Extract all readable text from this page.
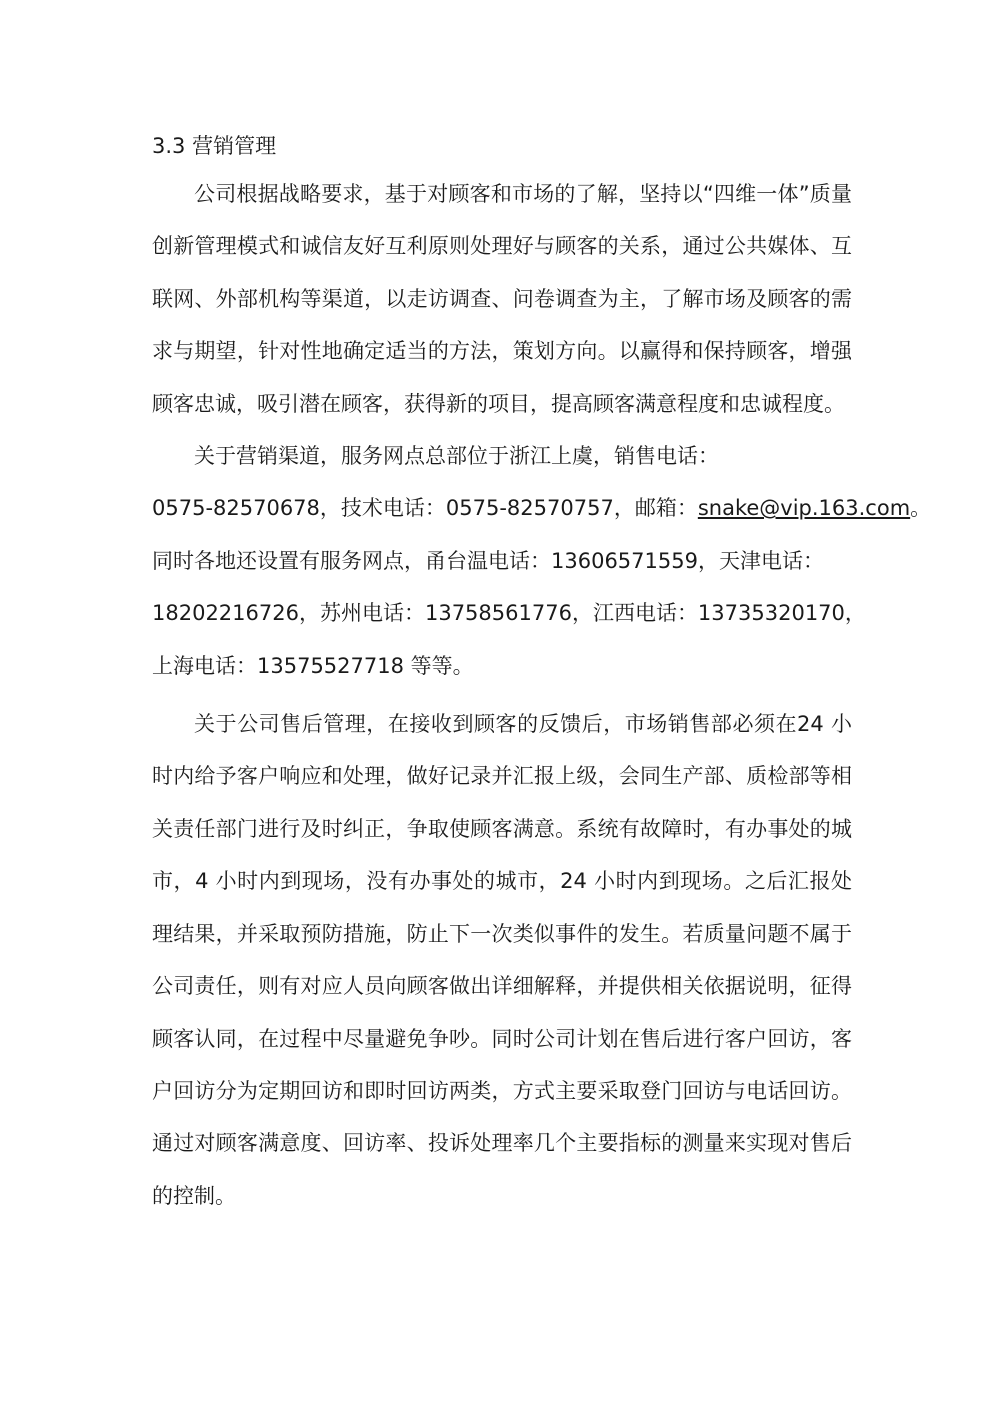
3.3 营销管理

公司根据战略要求，基于对顾客和市场的了解，坚持以“四维一体”质量创新管理模式和诚信友好互利原则处理好与顾客的关系，通过公共媒体、互联网、外部机构等渠道，以走访调查、问卷调查为主，了解市场及顾客的需求与期望，针对性地确定适当的方法，策划方向。以赢得和保持顾客，增强顾客忠诚，吸引潜在顾客，获得新的项目，提高顾客满意程度和忠诚程度。

关于营销渠道，服务网点总部位于浙江上虞，销售电话：
0575-82570678，技术电话：0575-82570757，邮箱：snake@vip.163.com。
同时各地还设置有服务网点，甬台温电话：13606571559，天津电话：
18202216726，苏州电话：13758561776，江西电话：13735320170，
上海电话：13575527718 等等。

关于公司售后管理，在接收到顾客的反馈后，市场销售部必须在24 小时内给予客户响应和处理，做好记录并汇报上级，会同生产部、质检部等相关责任部门进行及时纠正，争取使顾客满意。系统有故障时，有办事处的城市，4 小时内到现场，没有办事处的城市，24 小时内到现场。之后汇报处理结果，并采取预防措施，防止下一次类似事件的发生。若质量问题不属于公司责任，则有对应人员向顾客做出详细解释，并提供相关依据说明，征得顾客认同，在过程中尽量避免争吵。同时公司计划在售后进行客户回访，客户回访分为定期回访和即时回访两类，方式主要采取登门回访与电话回访。通过对顾客满意度、回访率、投诉处理率几个主要指标的测量来实现对售后的控制。
